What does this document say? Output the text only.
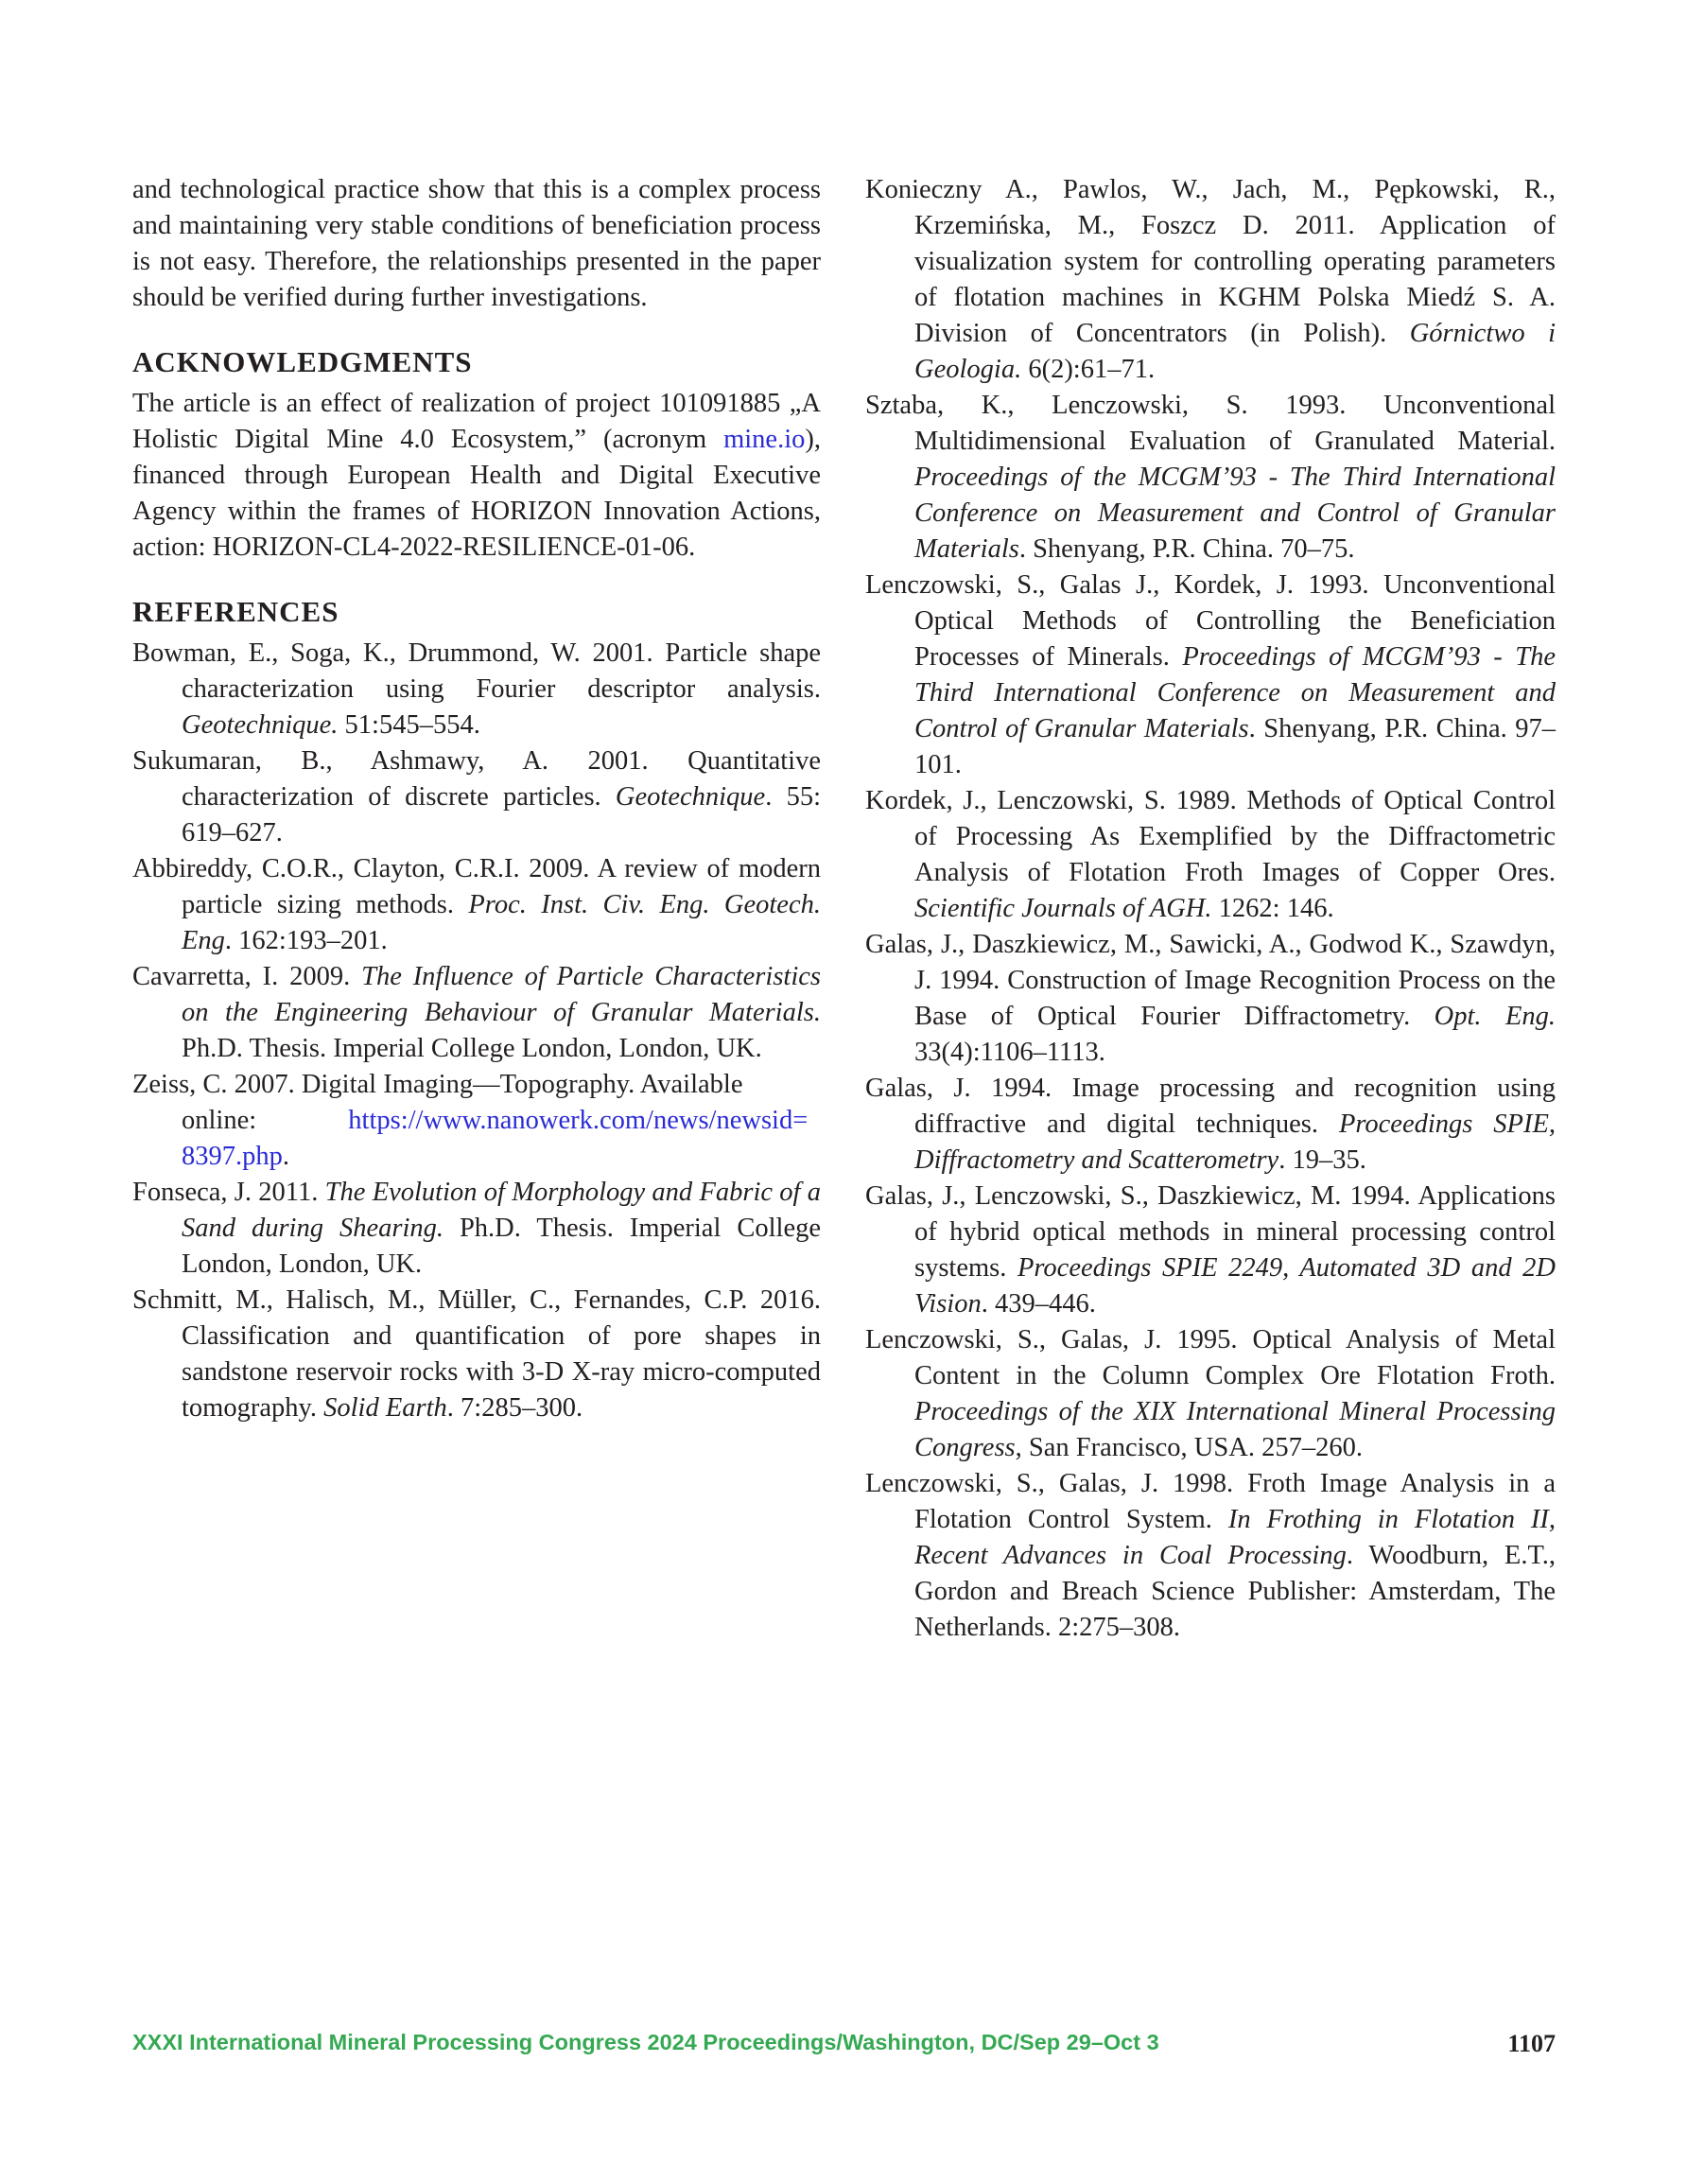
and technological practice show that this is a complex process and maintaining very stable conditions of beneficiation process is not easy. Therefore, the relationships presented in the paper should be verified during further investigations.

ACKNOWLEDGMENTS

The article is an effect of realization of project 101091885 „A Holistic Digital Mine 4.0 Ecosystem,” (acronym mine.io), financed through European Health and Digital Executive Agency within the frames of HORIZON Innovation Actions, action: HORIZON-CL4-2022-RESILIENCE-01-06.

REFERENCES

Bowman, E., Soga, K., Drummond, W. 2001. Particle shape characterization using Fourier descriptor analysis. Geotechnique. 51:545–554.

Sukumaran, B., Ashmawy, A. 2001. Quantitative characterization of discrete particles. Geotechnique. 55: 619–627.

Abbireddy, C.O.R., Clayton, C.R.I. 2009. A review of modern particle sizing methods. Proc. Inst. Civ. Eng. Geotech. Eng. 162:193–201.

Cavarretta, I. 2009. The Influence of Particle Characteristics on the Engineering Behaviour of Granular Materials. Ph.D. Thesis. Imperial College London, London, UK.

Zeiss, C. 2007. Digital Imaging—Topography. Available online:	https://www.nanowerk.com/news/newsid=8397.php.

Fonseca, J. 2011. The Evolution of Morphology and Fabric of a Sand during Shearing. Ph.D. Thesis. Imperial College London, London, UK.

Schmitt, M., Halisch, M., Müller, C., Fernandes, C.P. 2016. Classification and quantification of pore shapes in sandstone reservoir rocks with 3-D X-ray micro-computed tomography. Solid Earth. 7:285–300.

Konieczny A., Pawlos, W., Jach, M., Pępkowski, R., Krzemińska, M., Foszcz D. 2011. Application of visualization system for controlling operating parameters of flotation machines in KGHM Polska Miedź S. A. Division of Concentrators (in Polish). Górnictwo i Geologia. 6(2):61–71.

Sztaba, K., Lenczowski, S. 1993. Unconventional Multidimensional Evaluation of Granulated Material. Proceedings of the MCGM’93 - The Third International Conference on Measurement and Control of Granular Materials. Shenyang, P.R. China. 70–75.

Lenczowski, S., Galas J., Kordek, J. 1993. Unconventional Optical Methods of Controlling the Beneficiation Processes of Minerals. Proceedings of MCGM’93 - The Third International Conference on Measurement and Control of Granular Materials. Shenyang, P.R. China. 97–101.

Kordek, J., Lenczowski, S. 1989. Methods of Optical Control of Processing As Exemplified by the Diffractometric Analysis of Flotation Froth Images of Copper Ores. Scientific Journals of AGH. 1262: 146.

Galas, J., Daszkiewicz, M., Sawicki, A., Godwod K., Szawdyn, J. 1994. Construction of Image Recognition Process on the Base of Optical Fourier Diffractometry. Opt. Eng. 33(4):1106–1113.

Galas, J. 1994. Image processing and recognition using diffractive and digital techniques. Proceedings SPIE, Diffractometry and Scatterometry. 19–35.

Galas, J., Lenczowski, S., Daszkiewicz, M. 1994. Applications of hybrid optical methods in mineral processing control systems. Proceedings SPIE 2249, Automated 3D and 2D Vision. 439–446.

Lenczowski, S., Galas, J. 1995. Optical Analysis of Metal Content in the Column Complex Ore Flotation Froth. Proceedings of the XIX International Mineral Processing Congress, San Francisco, USA. 257–260.

Lenczowski, S., Galas, J. 1998. Froth Image Analysis in a Flotation Control System. In Frothing in Flotation II, Recent Advances in Coal Processing. Woodburn, E.T., Gordon and Breach Science Publisher: Amsterdam, The Netherlands. 2:275–308.

XXXI International Mineral Processing Congress 2024 Proceedings/Washington, DC/Sep 29–Oct 3	1107
